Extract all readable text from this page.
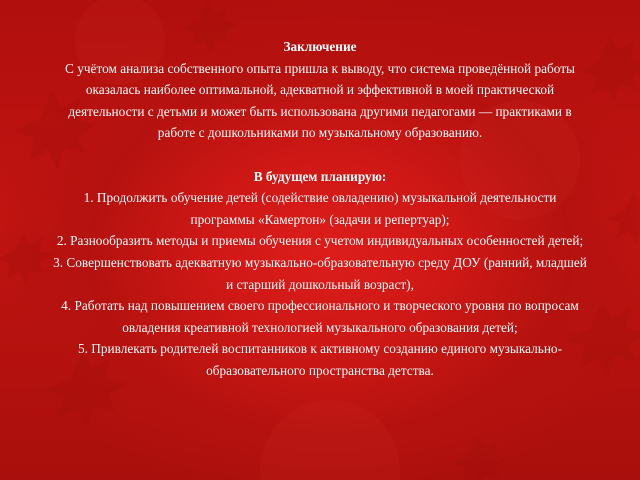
Заключение
С учётом анализа собственного опыта пришла к выводу, что система проведённой работы
оказалась наиболее оптимальной, адекватной и эффективной в моей практической
деятельности с детьми и может быть использована другими педагогами — практиками в
работе с дошкольниками по музыкальному образованию.
В будущем планирую:
1. Продолжить обучение детей (содействие овладению) музыкальной деятельности
программы «Камертон» (задачи и репертуар);
2. Разнообразить методы и приемы обучения с учетом индивидуальных особенностей детей;
3. Совершенствовать адекватную музыкально-образовательную среду ДОУ (ранний, младшей
и старший дошкольный возраст),
4. Работать над повышением своего профессионального и творческого уровня по вопросам
овладения креативной технологией музыкального образования детей;
5. Привлекать родителей воспитанников к активному созданию единого музыкально-
образовательного пространства детства.
